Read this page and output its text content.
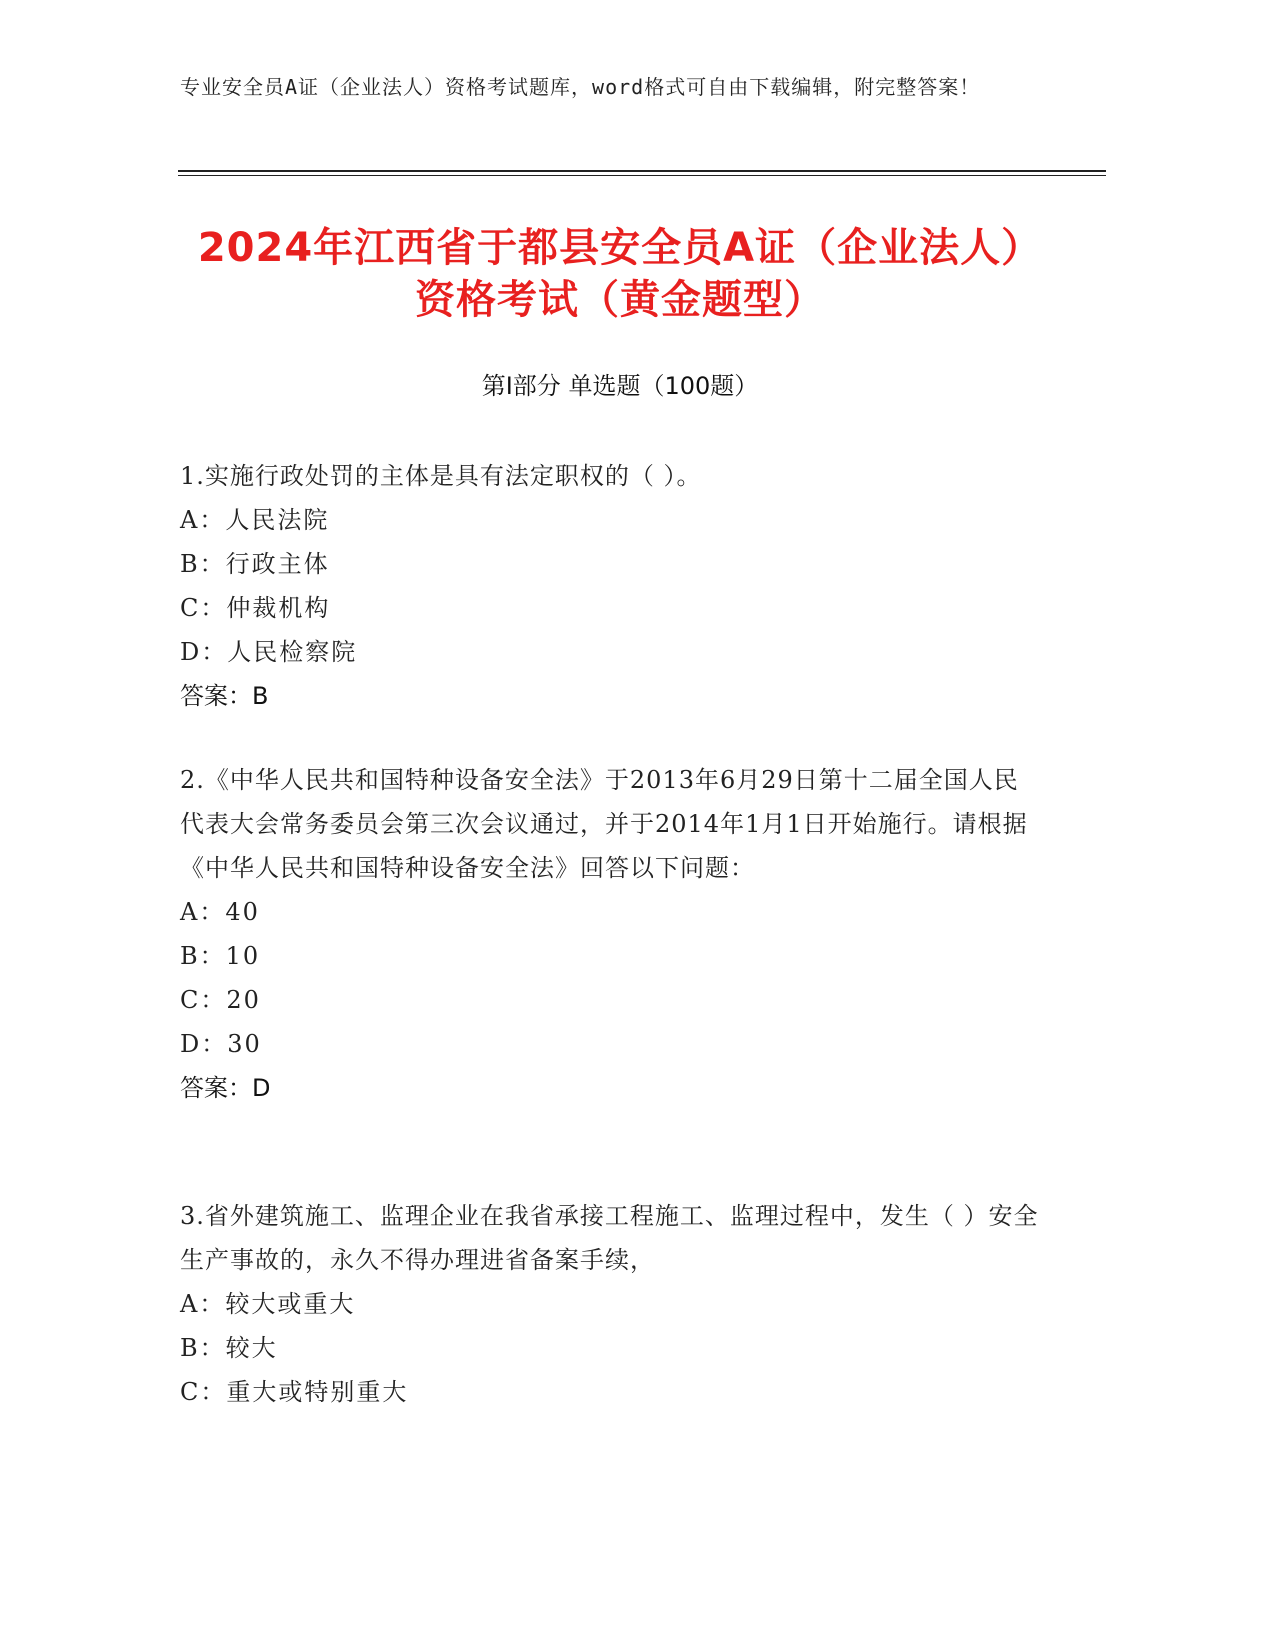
专业安全员A证（企业法人）资格考试题库，word格式可自由下载编辑，附完整答案！
2024年江西省于都县安全员A证（企业法人）资格考试（黄金题型）
第Ⅰ部分 单选题（100题）
1.实施行政处罚的主体是具有法定职权的（ ）。
A：人民法院
B：行政主体
C：仲裁机构
D：人民检察院
答案：B
2.《中华人民共和国特种设备安全法》于2013年6月29日第十二届全国人民代表大会常务委员会第三次会议通过，并于2014年1月1日开始施行。请根据《中华人民共和国特种设备安全法》回答以下问题：
A：40
B：10
C：20
D：30
答案：D
3.省外建筑施工、监理企业在我省承接工程施工、监理过程中，发生（ ）安全生产事故的，永久不得办理进省备案手续，
A：较大或重大
B：较大
C：重大或特别重大
